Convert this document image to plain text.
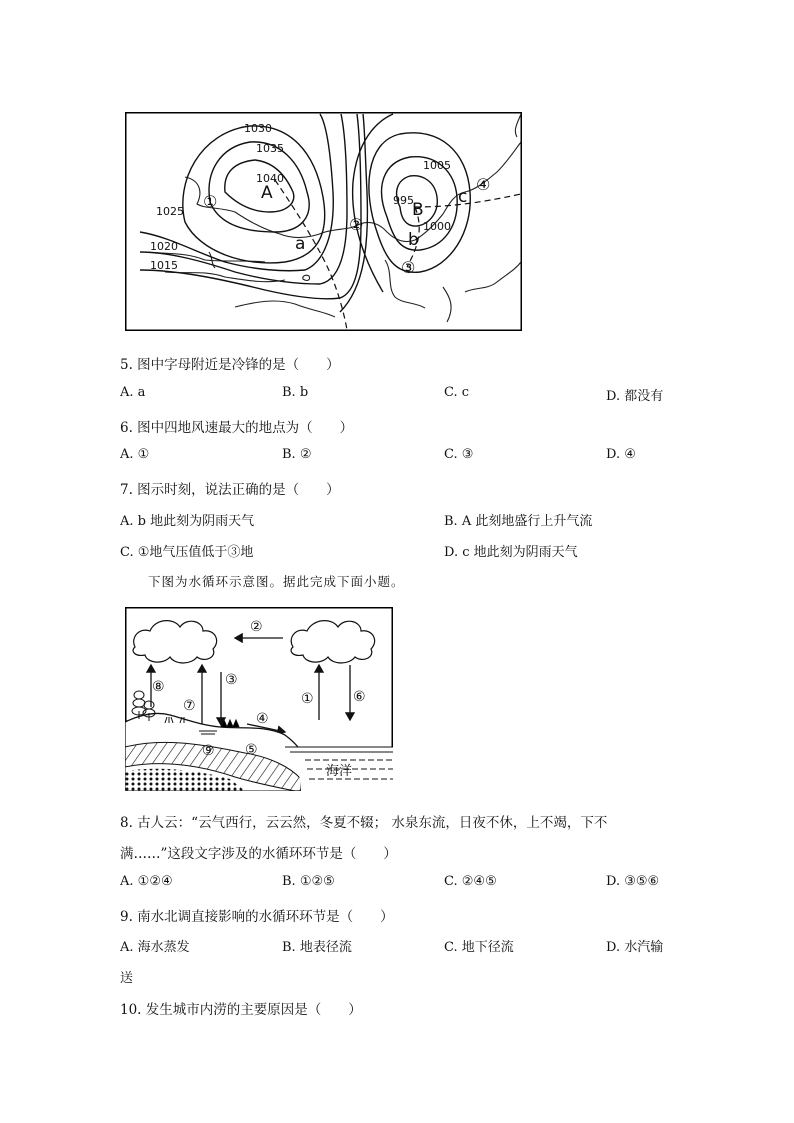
1030
1035
1040
1025
1020
1015
1005
995
1000
A
B
a	b
c
①
②
③
④
5. 图中字母附近是冷锋的是（　　）
A. a	B. b	C. c	D. 都没有
6. 图中四地风速最大的地点为（　　）
A. ①	B. ②	C. ③	D. ④
7. 图示时刻，说法正确的是（　　）
A. b 地此刻为阴雨天气	B. A 此刻地盛行上升气流
C. ①地气压值低于③地	D. c 地此刻为阴雨天气
下图为水循环示意图。据此完成下面小题。
①
②
③
④
⑤
⑥
⑦
⑧
⑨
海洋
8. 古人云：“云气西行，云云然，冬夏不辍； 水泉东流，日夜不休，上不竭，下不
满……”这段文字涉及的水循环环节是（　　）
A. ①②④	B. ①②⑤	C. ②④⑤	D. ③⑤⑥
9. 南水北调直接影响的水循环环节是（　　）
A. 海水蒸发	B. 地表径流	C. 地下径流	D. 水汽输
送
10. 发生城市内涝的主要原因是（　　）
